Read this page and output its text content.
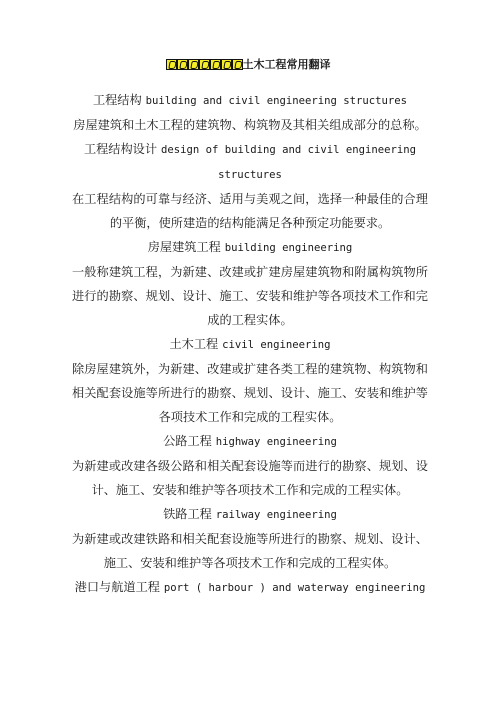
土木工程常用翻译

工程结构 building and civil engineering structures

房屋建筑和土木工程的建筑物、构筑物及其相关组成部分的总称。

工程结构设计 design of building and civil engineering structures

在工程结构的可靠与经济、适用与美观之间，选择一种最佳的合理的平衡，使所建造的结构能满足各种预定功能要求。

房屋建筑工程 building engineering

一般称建筑工程，为新建、改建或扩建房屋建筑物和附属构筑物所进行的勘察、规划、设计、施工、安装和维护等各项技术工作和完成的工程实体。

土木工程 civil engineering

除房屋建筑外，为新建、改建或扩建各类工程的建筑物、构筑物和相关配套设施等所进行的勘察、规划、设计、施工、安装和维护等各项技术工作和完成的工程实体。

公路工程 highway engineering

为新建或改建各级公路和相关配套设施等而进行的勘察、规划、设计、施工、安装和维护等各项技术工作和完成的工程实体。

铁路工程 railway engineering

为新建或改建铁路和相关配套设施等所进行的勘察、规划、设计、施工、安装和维护等各项技术工作和完成的工程实体。

港口与航道工程 port ( harbour ) and waterway engineering
